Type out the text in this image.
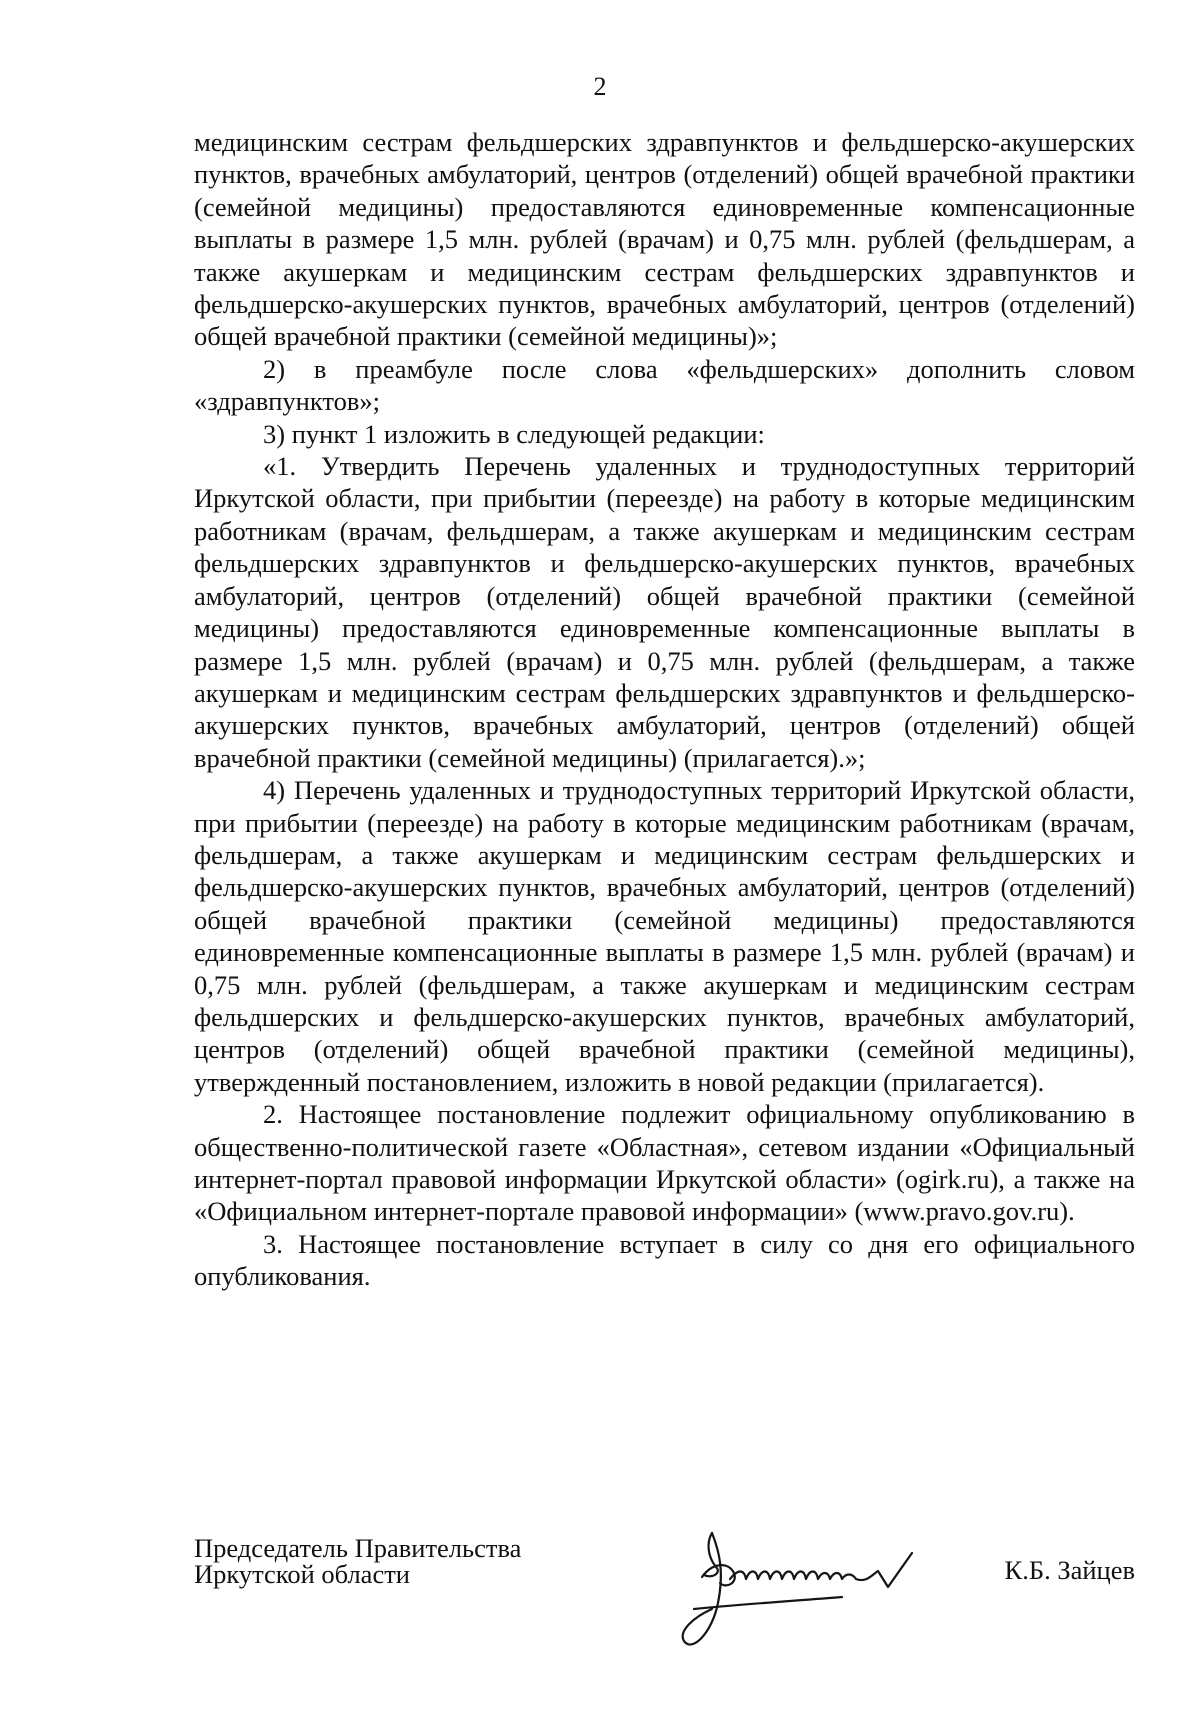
2

медицинским сестрам фельдшерских здравпунктов и фельдшерско-акушерских пунктов, врачебных амбулаторий, центров (отделений) общей врачебной практики (семейной медицины) предоставляются единовременные компенсационные выплаты в размере 1,5 млн. рублей (врачам) и 0,75 млн. рублей (фельдшерам, а также акушеркам и медицинским сестрам фельдшерских здравпунктов и фельдшерско-акушерских пунктов, врачебных амбулаторий, центров (отделений) общей врачебной практики (семейной медицины)»;

2) в преамбуле после слова «фельдшерских» дополнить словом «здравпунктов»;

3) пункт 1 изложить в следующей редакции:

«1. Утвердить Перечень удаленных и труднодоступных территорий Иркутской области, при прибытии (переезде) на работу в которые медицинским работникам (врачам, фельдшерам, а также акушеркам и медицинским сестрам фельдшерских здравпунктов и фельдшерско-акушерских пунктов, врачебных амбулаторий, центров (отделений) общей врачебной практики (семейной медицины) предоставляются единовременные компенсационные выплаты в размере 1,5 млн. рублей (врачам) и 0,75 млн. рублей (фельдшерам, а также акушеркам и медицинским сестрам фельдшерских здравпунктов и фельдшерско-акушерских пунктов, врачебных амбулаторий, центров (отделений) общей врачебной практики (семейной медицины) (прилагается).»;

4) Перечень удаленных и труднодоступных территорий Иркутской области, при прибытии (переезде) на работу в которые медицинским работникам (врачам, фельдшерам, а также акушеркам и медицинским сестрам фельдшерских и фельдшерско-акушерских пунктов, врачебных амбулаторий, центров (отделений) общей врачебной практики (семейной медицины) предоставляются единовременные компенсационные выплаты в размере 1,5 млн. рублей (врачам) и 0,75 млн. рублей (фельдшерам, а также акушеркам и медицинским сестрам фельдшерских и фельдшерско-акушерских пунктов, врачебных амбулаторий, центров (отделений) общей врачебной практики (семейной медицины), утвержденный постановлением, изложить в новой редакции (прилагается).

2. Настоящее постановление подлежит официальному опубликованию в общественно-политической газете «Областная», сетевом издании «Официальный интернет-портал правовой информации Иркутской области» (ogirk.ru), а также на «Официальном интернет-портале правовой информации» (www.pravo.gov.ru).

3. Настоящее постановление вступает в силу со дня его официального опубликования.

Председатель Правительства
Иркутской области	К.Б. Зайцев
